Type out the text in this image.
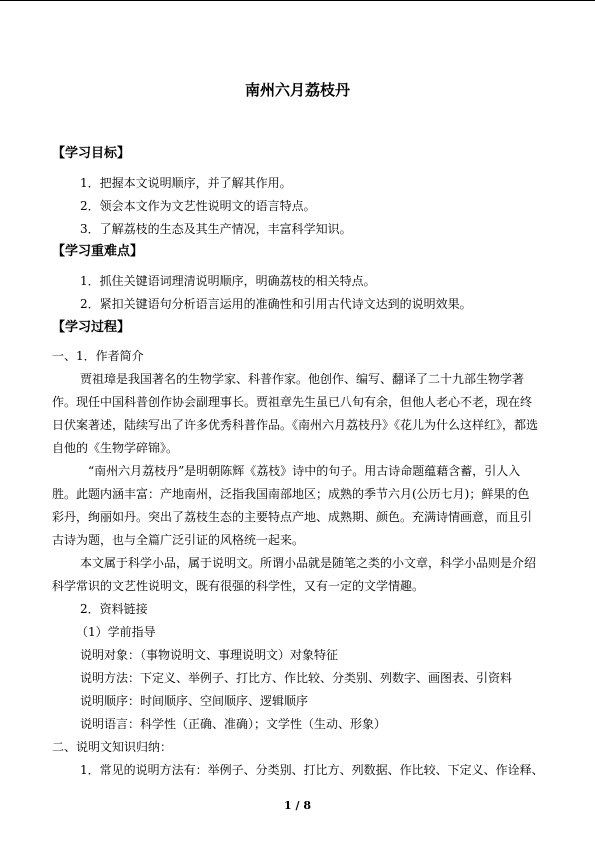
南州六月荔枝丹
【学习目标】
1．把握本文说明顺序，并了解其作用。
2．领会本文作为文艺性说明文的语言特点。
3．了解荔枝的生态及其生产情况，丰富科学知识。
【学习重难点】
1．抓住关键语词理清说明顺序，明确荔枝的相关特点。
2．紧扣关键语句分析语言运用的准确性和引用古代诗文达到的说明效果。
【学习过程】
一、1．作者简介
贾祖璋是我国著名的生物学家、科普作家。他创作、编写、翻译了二十九部生物学著
作。现任中国科普创作协会副理事长。贾祖章先生虽已八旬有余，但他人老心不老，现在终
日伏案著述，陆续写出了许多优秀科普作品。《南州六月荔枝丹》《花儿为什么这样红》，都选
自他的《生物学碎锦》。
“南州六月荔枝丹”是明朝陈辉《荔枝》诗中的句子。用古诗命题蕴藉含蓄，引人入
胜。此题内涵丰富：产地南州，泛指我国南部地区；成熟的季节六月(公历七月)；鲜果的色
彩丹，绚丽如丹。突出了荔枝生态的主要特点产地、成熟期、颜色。充满诗情画意，而且引
古诗为题，也与全篇广泛引证的风格统一起来。
本文属于科学小品，属于说明文。所谓小品就是随笔之类的小文章，科学小品则是介绍
科学常识的文艺性说明文，既有很强的科学性，又有一定的文学情趣。
2．资料链接
（1）学前指导
说明对象：（事物说明文、事理说明文）对象特征
说明方法：下定义、举例子、打比方、作比较、分类别、列数字、画图表、引资料
说明顺序：时间顺序、空间顺序、逻辑顺序
说明语言：科学性（正确、准确）；文学性（生动、形象）
二、说明文知识归纳：
1．常见的说明方法有：举例子、分类别、打比方、列数据、作比较、下定义、作诠释、
1 / 8
